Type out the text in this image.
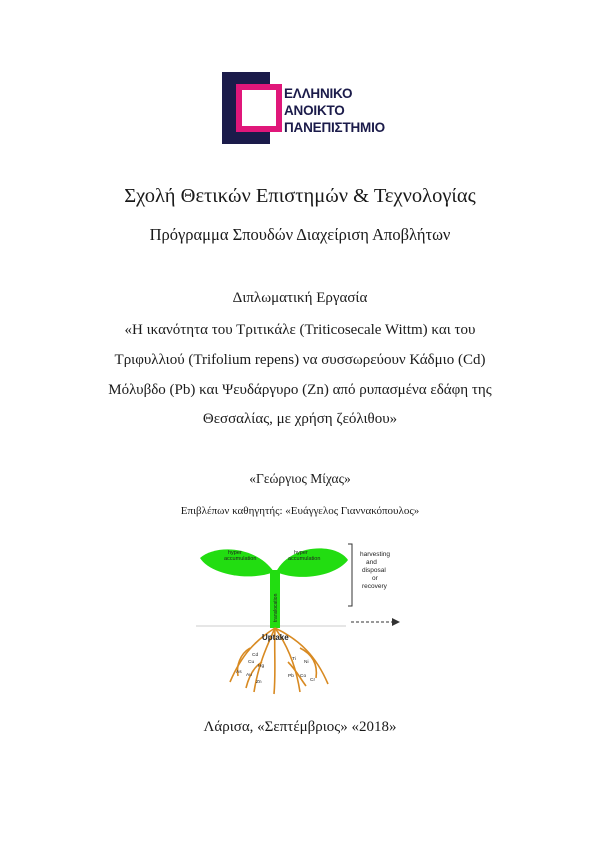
ΕΛΛΗΝΙΚΟ
ΑΝΟΙΚΤΟ
ΠΑΝΕΠΙΣΤΗΜΙΟ
Σχολή Θετικών Επιστημών & Τεχνολογίας
Πρόγραμμα Σπουδών Διαχείριση Αποβλήτων
Διπλωματική Εργασία
«Η ικανότητα του Τριτικάλε (Triticosecale Wittm) και του
Τριφυλλιού (Trifolium repens) να συσσωρεύουν Κάδμιο (Cd)
Μόλυβδο (Pb) και Ψευδάργυρο (Zn) από ρυπασμένα εδάφη της
Θεσσαλίας, με χρήση ζεόλιθου»
«Γεώργιος Μίχας»
Επιβλέπων καθηγητής: «Ευάγγελος Γιαννακόπουλος»
hyper
accumulation
hyper
accumulation
translocation
harvesting
and
disposal
or
recovery
Uptake
Cd
Cu
Hg
Ti
Ni
As
Pb
Zn
Co
Cr
Au
Λάρισα, «Σεπτέμβριος» «2018»
